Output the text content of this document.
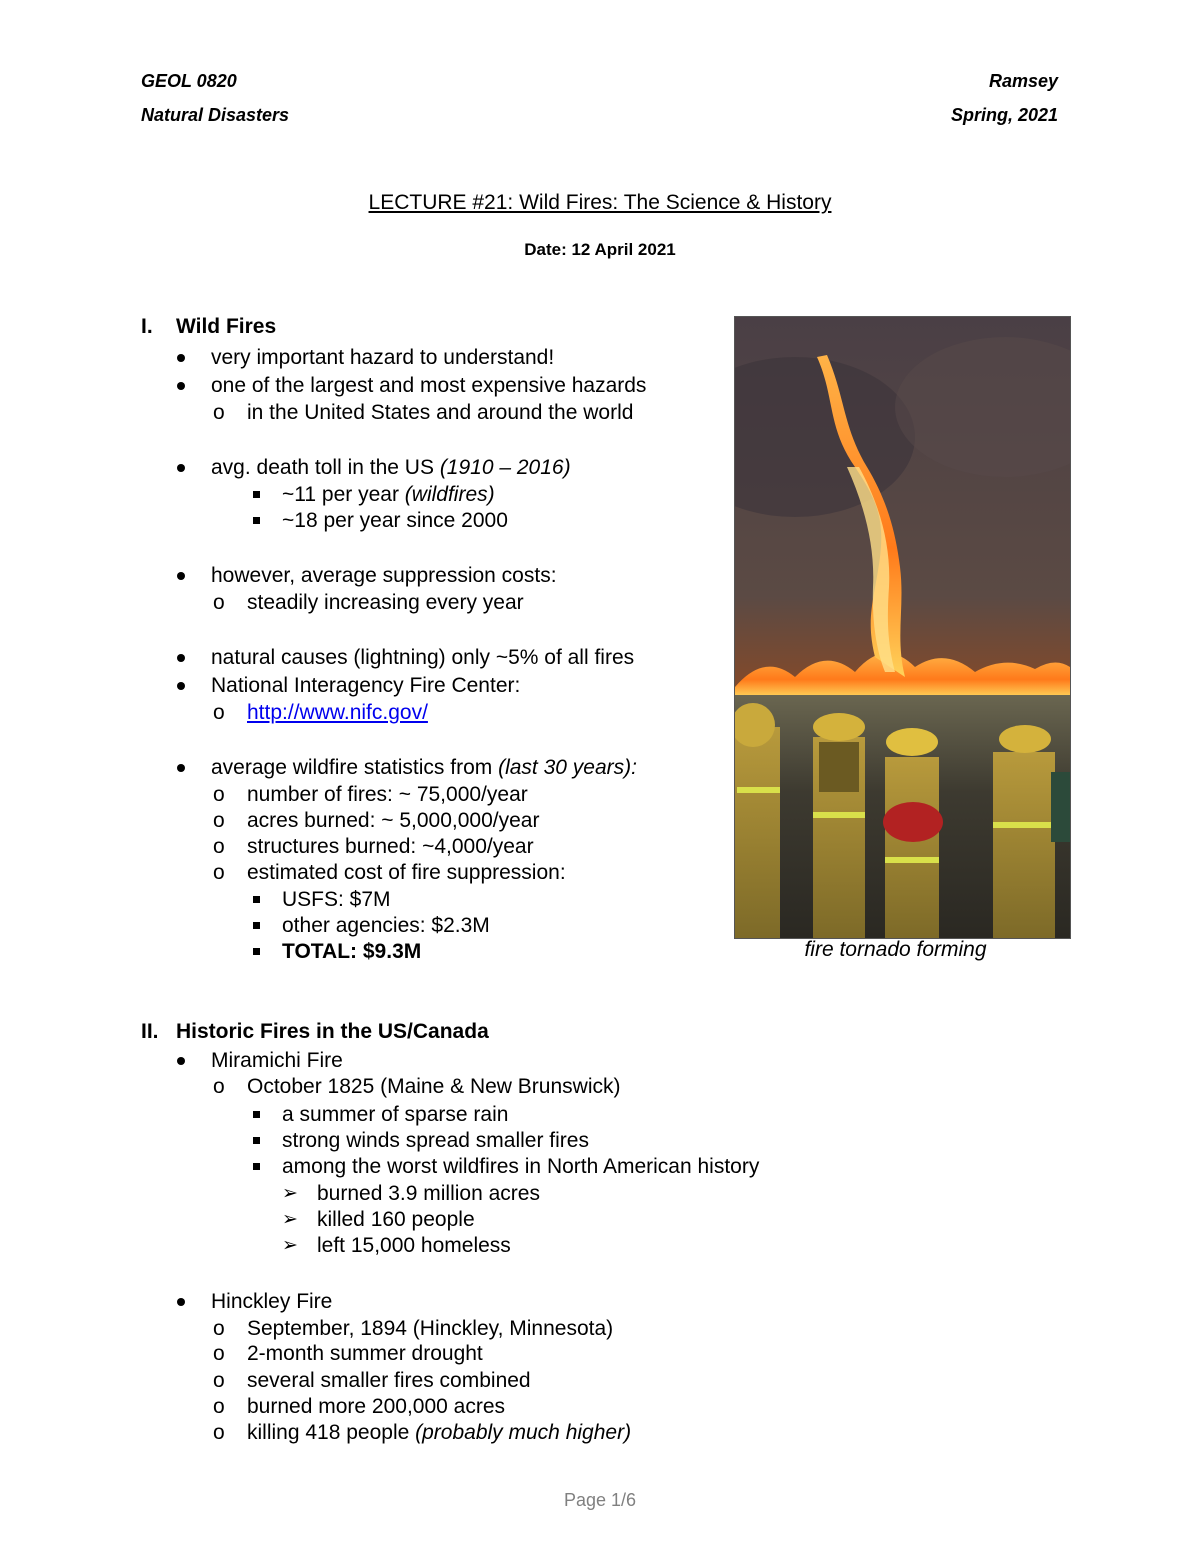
GEOL 0820
Natural Disasters
Ramsey
Spring, 2021
LECTURE #21: Wild Fires: The Science & History
Date: 12 April 2021
I. Wild Fires
very important hazard to understand!
one of the largest and most expensive hazards
o in the United States and around the world
avg. death toll in the US (1910 – 2016)
~11 per year (wildfires)
~18 per year since 2000
however, average suppression costs:
o steadily increasing every year
natural causes (lightning) only ~5% of all fires
National Interagency Fire Center:
o http://www.nifc.gov/
average wildfire statistics from (last 30 years):
o number of fires: ~ 75,000/year
o acres burned: ~ 5,000,000/year
o structures burned: ~4,000/year
o estimated cost of fire suppression:
USFS: $7M
other agencies: $2.3M
TOTAL: $9.3M	fire tornado forming
II. Historic Fires in the US/Canada
Miramichi Fire
o October 1825 (Maine & New Brunswick)
a summer of sparse rain
strong winds spread smaller fires
among the worst wildfires in North American history
➢ burned 3.9 million acres
➢ killed 160 people
➢ left 15,000 homeless
Hinckley Fire
o September, 1894 (Hinckley, Minnesota)
o 2-month summer drought
o several smaller fires combined
o burned more 200,000 acres
o killing 418 people (probably much higher)
Page 1/6
